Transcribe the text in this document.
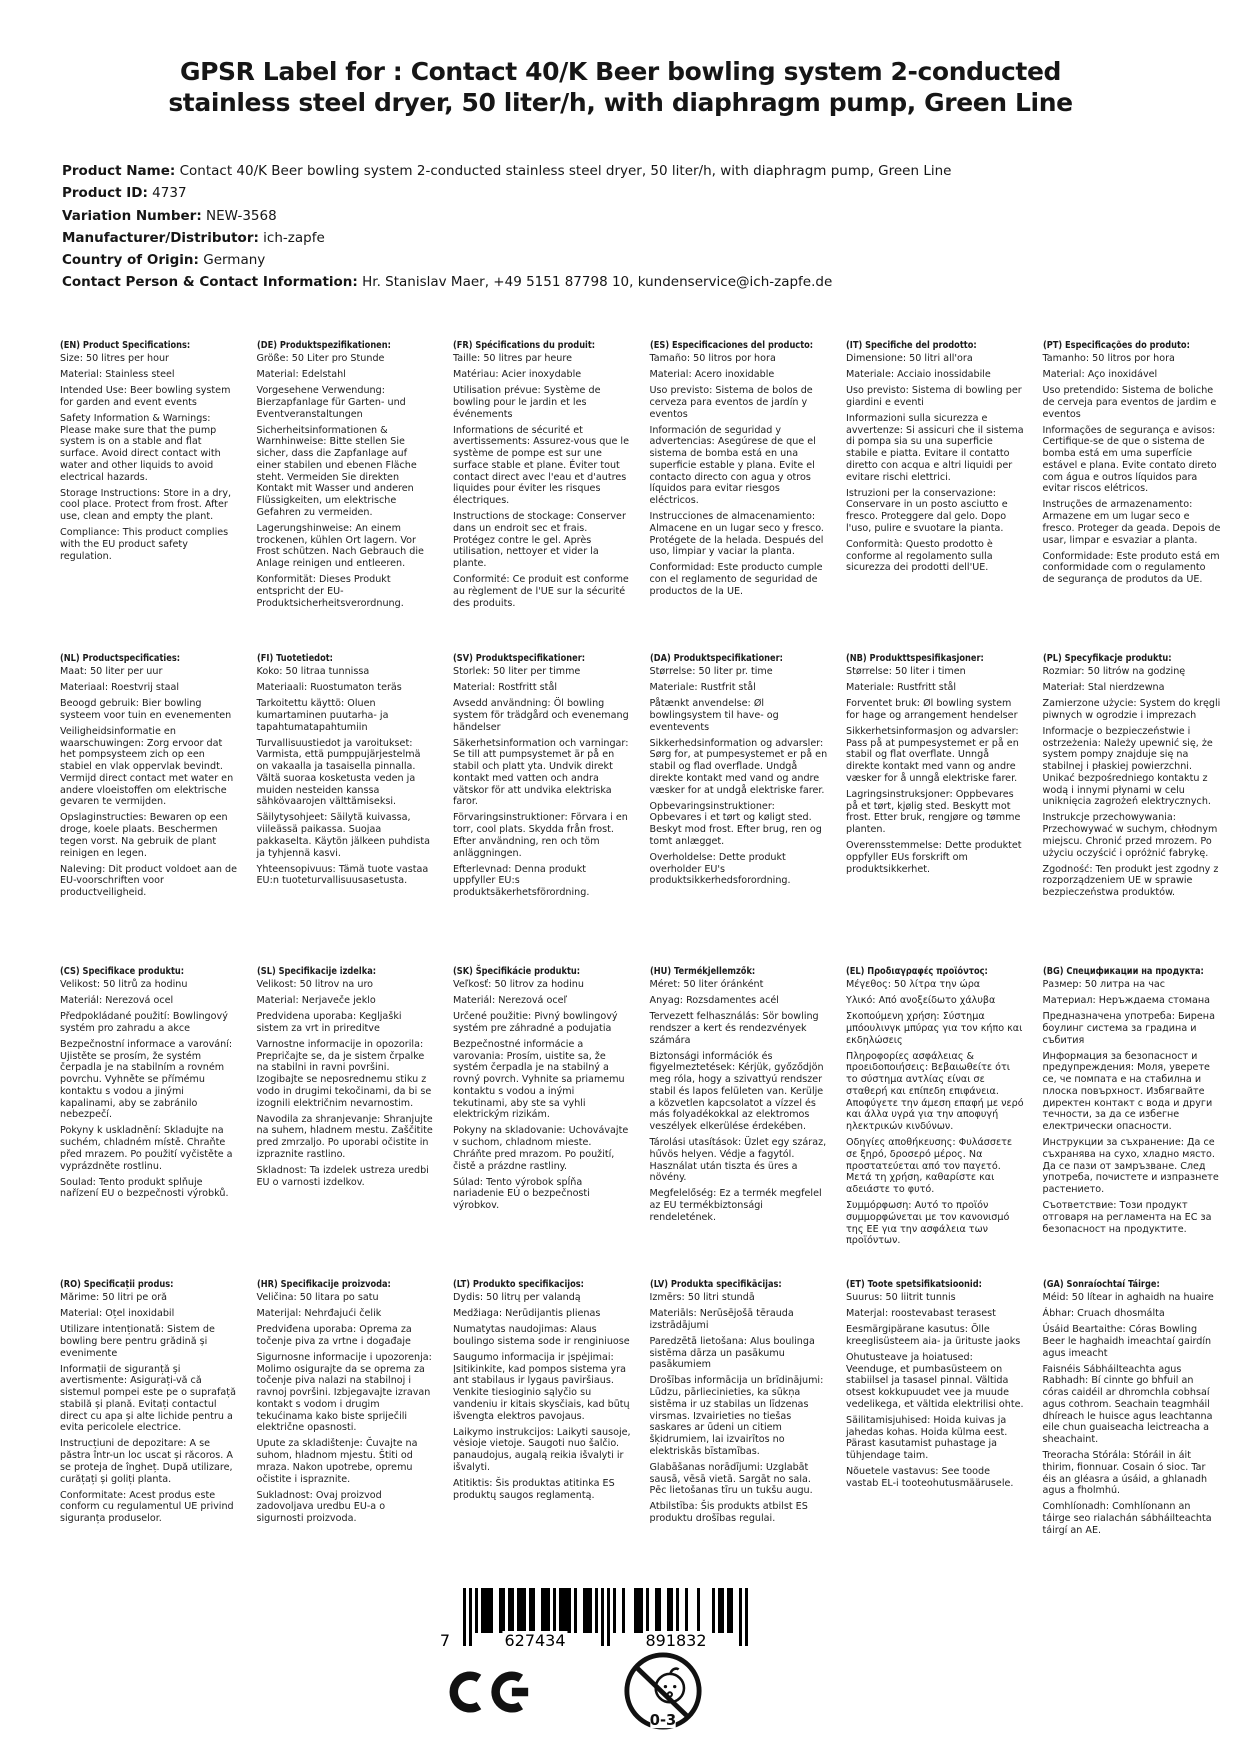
GPSR Label for : Contact 40/K Beer bowling system 2-conducted
stainless steel dryer, 50 liter/h, with diaphragm pump, Green Line
Product Name: Contact 40/K Beer bowling system 2-conducted stainless steel dryer, 50 liter/h, with diaphragm pump, Green Line
Product ID: 4737
Variation Number: NEW-3568
Manufacturer/Distributor: ich-zapfe
Country of Origin: Germany
Contact Person & Contact Information: Hr. Stanislav Maer, +49 5151 87798 10, kundenservice@ich-zapfe.de
(EN) Product Specifications:

Size: 50 litres per hour

Material: Stainless steel

Intended Use: Beer bowling system for garden and event events

Safety Information & Warnings: Please make sure that the pump system is on a stable and flat surface. Avoid direct contact with water and other liquids to avoid electrical hazards.

Storage Instructions: Store in a dry, cool place. Protect from frost. After use, clean and empty the plant.

Compliance: This product complies with the EU product safety regulation.

(DE) Produktspezifikationen:

Größe: 50 Liter pro Stunde

Material: Edelstahl

Vorgesehene Verwendung: Bierzapfanlage für Garten- und Eventveranstaltungen

Sicherheitsinformationen & Warnhinweise: Bitte stellen Sie sicher, dass die Zapfanlage auf einer stabilen und ebenen Fläche steht. Vermeiden Sie direkten Kontakt mit Wasser und anderen Flüssigkeiten, um elektrische Gefahren zu vermeiden.

Lagerungshinweise: An einem trockenen, kühlen Ort lagern. Vor Frost schützen. Nach Gebrauch die Anlage reinigen und entleeren.

Konformität: Dieses Produkt entspricht der EU-Produktsicherheitsverordnung.

(FR) Spécifications du produit:

Taille: 50 litres par heure

Matériau: Acier inoxydable

Utilisation prévue: Système de bowling pour le jardin et les événements

Informations de sécurité et avertissements: Assurez-vous que le système de pompe est sur une surface stable et plane. Éviter tout contact direct avec l'eau et d'autres liquides pour éviter les risques électriques.

Instructions de stockage: Conserver dans un endroit sec et frais. Protégez contre le gel. Après utilisation, nettoyer et vider la plante.

Conformité: Ce produit est conforme au règlement de l'UE sur la sécurité des produits.

(ES) Especificaciones del producto:

Tamaño: 50 litros por hora

Material: Acero inoxidable

Uso previsto: Sistema de bolos de cerveza para eventos de jardín y eventos

Información de seguridad y advertencias: Asegúrese de que el sistema de bomba está en una superficie estable y plana. Evite el contacto directo con agua y otros líquidos para evitar riesgos eléctricos.

Instrucciones de almacenamiento: Almacene en un lugar seco y fresco. Protégete de la helada. Después del uso, limpiar y vaciar la planta.

Conformidad: Este producto cumple con el reglamento de seguridad de productos de la UE.

(IT) Specifiche del prodotto:

Dimensione: 50 litri all'ora

Materiale: Acciaio inossidabile

Uso previsto: Sistema di bowling per giardini e eventi

Informazioni sulla sicurezza e avvertenze: Si assicuri che il sistema di pompa sia su una superficie stabile e piatta. Evitare il contatto diretto con acqua e altri liquidi per evitare rischi elettrici.

Istruzioni per la conservazione: Conservare in un posto asciutto e fresco. Proteggere dal gelo. Dopo l'uso, pulire e svuotare la pianta.

Conformità: Questo prodotto è conforme al regolamento sulla sicurezza dei prodotti dell'UE.

(PT) Especificações do produto:

Tamanho: 50 litros por hora

Material: Aço inoxidável

Uso pretendido: Sistema de boliche de cerveja para eventos de jardim e eventos

Informações de segurança e avisos: Certifique-se de que o sistema de bomba está em uma superfície estável e plana. Evite contato direto com água e outros líquidos para evitar riscos elétricos.

Instruções de armazenamento: Armazene em um lugar seco e fresco. Proteger da geada. Depois de usar, limpar e esvaziar a planta.

Conformidade: Este produto está em conformidade com o regulamento de segurança de produtos da UE.

(NL) Productspecificaties:

Maat: 50 liter per uur

Materiaal: Roestvrij staal

Beoogd gebruik: Bier bowling systeem voor tuin en evenementen

Veiligheidsinformatie en waarschuwingen: Zorg ervoor dat het pompsysteem zich op een stabiel en vlak oppervlak bevindt. Vermijd direct contact met water en andere vloeistoffen om elektrische gevaren te vermijden.

Opslaginstructies: Bewaren op een droge, koele plaats. Beschermen tegen vorst. Na gebruik de plant reinigen en legen.

Naleving: Dit product voldoet aan de EU-voorschriften voor productveiligheid.

(FI) Tuotetiedot:

Koko: 50 litraa tunnissa

Materiaali: Ruostumaton teräs

Tarkoitettu käyttö: Oluen kumartaminen puutarha- ja tapahtumatapahtumiin

Turvallisuustiedot ja varoitukset: Varmista, että pumppujärjestelmä on vakaalla ja tasaisella pinnalla. Vältä suoraa kosketusta veden ja muiden nesteiden kanssa sähkövaarojen välttämiseksi.

Säilytysohjeet: Säilytä kuivassa, viileässä paikassa. Suojaa pakkaselta. Käytön jälkeen puhdista ja tyhjennä kasvi.

Yhteensopivuus: Tämä tuote vastaa EU:n tuoteturvallisuusasetusta.

(SV) Produktspecifikationer:

Storlek: 50 liter per timme

Material: Rostfritt stål

Avsedd användning: Öl bowling system för trädgård och evenemang händelser

Säkerhetsinformation och varningar: Se till att pumpsystemet är på en stabil och platt yta. Undvik direkt kontakt med vatten och andra vätskor för att undvika elektriska faror.

Förvaringsinstruktioner: Förvara i en torr, cool plats. Skydda från frost. Efter användning, ren och töm anläggningen.

Efterlevnad: Denna produkt uppfyller EU:s produktsäkerhetsförordning.

(DA) Produktspecifikationer:

Størrelse: 50 liter pr. time

Materiale: Rustfrit stål

Påtænkt anvendelse: Øl bowlingsystem til have- og eventevents

Sikkerhedsinformation og advarsler: Sørg for, at pumpesystemet er på en stabil og flad overflade. Undgå direkte kontakt med vand og andre væsker for at undgå elektriske farer.

Opbevaringsinstruktioner: Opbevares i et tørt og køligt sted. Beskyt mod frost. Efter brug, ren og tomt anlægget.

Overholdelse: Dette produkt overholder EU's produktsikkerhedsforordning.

(NB) Produkttspesifikasjoner:

Størrelse: 50 liter i timen

Materiale: Rustfritt stål

Forventet bruk: Øl bowling system for hage og arrangement hendelser

Sikkerhetsinformasjon og advarsler: Pass på at pumpesystemet er på en stabil og flat overflate. Unngå direkte kontakt med vann og andre væsker for å unngå elektriske farer.

Lagringsinstruksjoner: Oppbevares på et tørt, kjølig sted. Beskytt mot frost. Etter bruk, rengjøre og tømme planten.

Overensstemmelse: Dette produktet oppfyller EUs forskrift om produktsikkerhet.

(PL) Specyfikacje produktu:

Rozmiar: 50 litrów na godzinę

Materiał: Stal nierdzewna

Zamierzone użycie: System do kręgli piwnych w ogrodzie i imprezach

Informacje o bezpieczeństwie i ostrzeżenia: Należy upewnić się, że system pompy znajduje się na stabilnej i płaskiej powierzchni. Unikać bezpośredniego kontaktu z wodą i innymi płynami w celu uniknięcia zagrożeń elektrycznych.

Instrukcje przechowywania: Przechowywać w suchym, chłodnym miejscu. Chronić przed mrozem. Po użyciu oczyścić i opróżnić fabrykę.

Zgodność: Ten produkt jest zgodny z rozporządzeniem UE w sprawie bezpieczeństwa produktów.

(CS) Specifikace produktu:

Velikost: 50 litrů za hodinu

Materiál: Nerezová ocel

Předpokládané použití: Bowlingový systém pro zahradu a akce

Bezpečnostní informace a varování: Ujistěte se prosím, že systém čerpadla je na stabilním a rovném povrchu. Vyhněte se přímému kontaktu s vodou a jinými kapalinami, aby se zabránilo nebezpečí.

Pokyny k uskladnění: Skladujte na suchém, chladném místě. Chraňte před mrazem. Po použití vyčistěte a vyprázdněte rostlinu.

Soulad: Tento produkt splňuje nařízení EU o bezpečnosti výrobků.

(SL) Specifikacije izdelka:

Velikost: 50 litrov na uro

Material: Nerjaveče jeklo

Predvidena uporaba: Kegljaški sistem za vrt in prireditve

Varnostne informacije in opozorila: Prepričajte se, da je sistem črpalke na stabilni in ravni površini. Izogibajte se neposrednemu stiku z vodo in drugimi tekočinami, da bi se izognili električnim nevarnostim.

Navodila za shranjevanje: Shranjujte na suhem, hladnem mestu. Zaščitite pred zmrzaljo. Po uporabi očistite in izpraznite rastlino.

Skladnost: Ta izdelek ustreza uredbi EU o varnosti izdelkov.

(SK) Špecifikácie produktu:

Veľkosť: 50 litrov za hodinu

Materiál: Nerezová oceľ

Určené použitie: Pivný bowlingový systém pre záhradné a podujatia

Bezpečnostné informácie a varovania: Prosím, uistite sa, že systém čerpadla je na stabilný a rovný povrch. Vyhnite sa priamemu kontaktu s vodou a inými tekutinami, aby ste sa vyhli elektrickým rizikám.

Pokyny na skladovanie: Uchovávajte v suchom, chladnom mieste. Chráňte pred mrazom. Po použití, čistě a prázdne rastliny.

Súlad: Tento výrobok spĺňa nariadenie EÚ o bezpečnosti výrobkov.

(HU) Termékjellemzők:

Méret: 50 liter óránként

Anyag: Rozsdamentes acél

Tervezett felhasználás: Sör bowling rendszer a kert és rendezvények számára

Biztonsági információk és figyelmeztetések: Kérjük, győződjön meg róla, hogy a szivattyú rendszer stabil és lapos felületen van. Kerülje a közvetlen kapcsolatot a vízzel és más folyadékokkal az elektromos veszélyek elkerülése érdekében.

Tárolási utasítások: Üzlet egy száraz, hűvös helyen. Védje a fagytól. Használat után tiszta és üres a növény.

Megfelelőség: Ez a termék megfelel az EU termékbiztonsági rendeletének.

(EL) Προδιαγραφές προϊόντος:

Μέγεθος: 50 λίτρα την ώρα

Υλικό: Από ανοξείδωτο χάλυβα

Σκοπούμενη χρήση: Σύστημα μπόουλινγκ μπύρας για τον κήπο και εκδηλώσεις

Πληροφορίες ασφάλειας & προειδοποιήσεις: Βεβαιωθείτε ότι το σύστημα αντλίας είναι σε σταθερή και επίπεδη επιφάνεια. Αποφύγετε την άμεση επαφή με νερό και άλλα υγρά για την αποφυγή ηλεκτρικών κινδύνων.

Οδηγίες αποθήκευσης: Φυλάσσετε σε ξηρό, δροσερό μέρος. Να προστατεύεται από τον παγετό. Μετά τη χρήση, καθαρίστε και αδειάστε το φυτό.

Συμμόρφωση: Αυτό το προϊόν συμμορφώνεται με τον κανονισμό της ΕΕ για την ασφάλεια των προϊόντων.

(BG) Спецификации на продукта:

Размер: 50 литра на час

Материал: Неръждаема стомана

Предназначена употреба: Бирена боулинг система за градина и събития

Информация за безопасност и предупреждения: Моля, уверете се, че помпата е на стабилна и плоска повърхност. Избягвайте директен контакт с вода и други течности, за да се избегне електрически опасности.

Инструкции за съхранение: Да се съхранява на сухо, хладно място. Да се пази от замръзване. След употреба, почистете и изпразнете растението.

Съответствие: Този продукт отговаря на регламента на ЕС за безопасност на продуктите.

(RO) Specificații produs:

Mărime: 50 litri pe oră

Material: Oțel inoxidabil

Utilizare intenționată: Sistem de bowling bere pentru grădină și evenimente

Informații de siguranță și avertismente: Asigurați-vă că sistemul pompei este pe o suprafață stabilă și plană. Evitați contactul direct cu apa și alte lichide pentru a evita pericolele electrice.

Instrucțiuni de depozitare: A se păstra într-un loc uscat și răcoros. A se proteja de îngheț. După utilizare, curățați și goliți planta.

Conformitate: Acest produs este conform cu regulamentul UE privind siguranța produselor.

(HR) Specifikacije proizvoda:

Veličina: 50 litara po satu

Materijal: Nehrđajući čelik

Predviđena uporaba: Oprema za točenje piva za vrtne i događaje

Sigurnosne informacije i upozorenja: Molimo osigurajte da se oprema za točenje piva nalazi na stabilnoj i ravnoj površini. Izbjegavajte izravan kontakt s vodom i drugim tekućinama kako biste spriječili električne opasnosti.

Upute za skladištenje: Čuvajte na suhom, hladnom mjestu. Štiti od mraza. Nakon upotrebe, opremu očistite i ispraznite.

Sukladnost: Ovaj proizvod zadovoljava uredbu EU-a o sigurnosti proizvoda.

(LT) Produkto specifikacijos:

Dydis: 50 litrų per valandą

Medžiaga: Nerūdijantis plienas

Numatytas naudojimas: Alaus boulingo sistema sode ir renginiuose

Saugumo informacija ir įspėjimai: Įsitikinkite, kad pompos sistema yra ant stabilaus ir lygaus paviršiaus. Venkite tiesioginio sąlyčio su vandeniu ir kitais skysčiais, kad būtų išvengta elektros pavojaus.

Laikymo instrukcijos: Laikyti sausoje, vėsioje vietoje. Saugoti nuo šalčio. panaudojus, augalą reikia išvalyti ir išvalyti.

Atitiktis: Šis produktas atitinka ES produktų saugos reglamentą.

(LV) Produkta specifikācijas:

Izmērs: 50 litri stundā

Materiāls: Nerūsējošā tērauda izstrādājumi

Paredzētā lietošana: Alus boulinga sistēma dārza un pasākumu pasākumiem

Drošības informācija un brīdinājumi: Lūdzu, pārliecinieties, ka sūkņa sistēma ir uz stabilas un līdzenas virsmas. Izvairieties no tiešas saskares ar ūdeni un citiem šķidrumiem, lai izvairītos no elektriskās bīstamības.

Glabāšanas norādījumi: Uzglabāt sausā, vēsā vietā. Sargāt no sala. Pēc lietošanas tīru un tukšu augu.

Atbilstība: Šis produkts atbilst ES produktu drošības regulai.

(ET) Toote spetsifikatsioonid:

Suurus: 50 liitrit tunnis

Materjal: roostevabast terasest

Eesmärgipärane kasutus: Õlle kreeglisüsteem aia- ja ürituste jaoks

Ohutusteave ja hoiatused: Veenduge, et pumbasüsteem on stabiilsel ja tasasel pinnal. Vältida otsest kokkupuudet vee ja muude vedelikega, et vältida elektrilisi ohte.

Säilitamisjuhised: Hoida kuivas ja jahedas kohas. Hoida külma eest. Pärast kasutamist puhastage ja tühjendage taim.

Nõuetele vastavus: See toode vastab EL-i tooteohutusmäärusele.

(GA) Sonraíochtaí Táirge:

Méid: 50 lítear in aghaidh na huaire

Ábhar: Cruach dhosmálta

Úsáid Beartaithe: Córas Bowling Beer le haghaidh imeachtaí gairdín agus imeacht

Faisnéis Sábháilteachta agus Rabhadh: Bí cinnte go bhfuil an córas caidéil ar dhromchla cobhsaí agus cothrom. Seachain teagmháil dhíreach le huisce agus leachtanna eile chun guaiseacha leictreacha a sheachaint.

Treoracha Stórála: Stóráil in áit thirim, fionnuar. Cosain ó sioc. Tar éis an gléasra a úsáid, a ghlanadh agus a fholmhú.

Comhlíonadh: Comhlíonann an táirge seo rialachán sábháilteachta táirgí an AE.

7	627434	891832
0-3
